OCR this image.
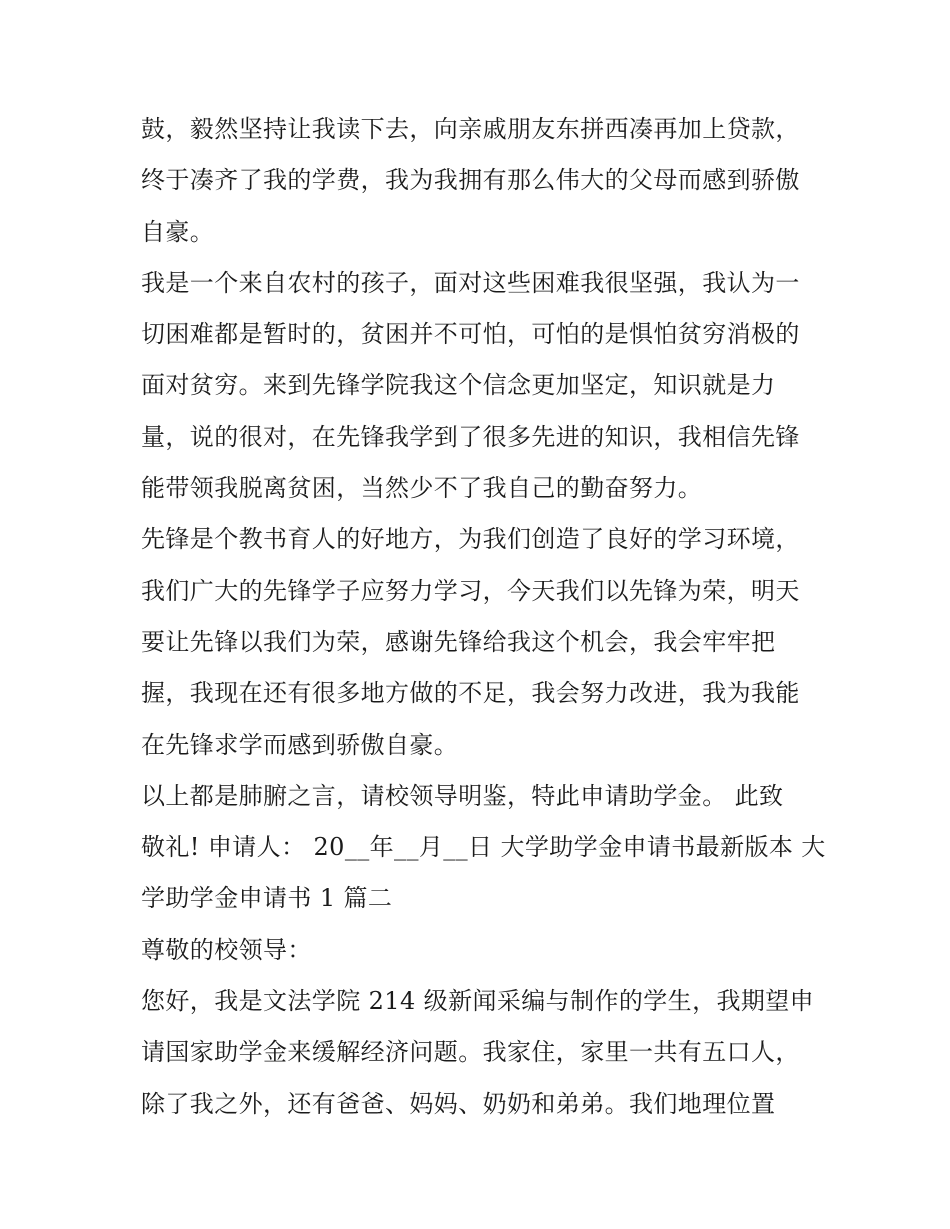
鼓，毅然坚持让我读下去，向亲戚朋友东拼西凑再加上贷款，
终于凑齐了我的学费，我为我拥有那么伟大的父母而感到骄傲
自豪。
我是一个来自农村的孩子，面对这些困难我很坚强，我认为一
切困难都是暂时的，贫困并不可怕，可怕的是惧怕贫穷消极的
面对贫穷。来到先锋学院我这个信念更加坚定，知识就是力
量，说的很对，在先锋我学到了很多先进的知识，我相信先锋
能带领我脱离贫困，当然少不了我自己的勤奋努力。
先锋是个教书育人的好地方，为我们创造了良好的学习环境，
我们广大的先锋学子应努力学习，今天我们以先锋为荣，明天
要让先锋以我们为荣，感谢先锋给我这个机会，我会牢牢把
握，我现在还有很多地方做的不足，我会努力改进，我为我能
在先锋求学而感到骄傲自豪。
以上都是肺腑之言，请校领导明鉴，特此申请助学金。 此致
敬礼! 申请人： 20__年__月__日 大学助学金申请书最新版本 大
学助学金申请书 1 篇二
尊敬的校领导：
您好，我是文法学院 214 级新闻采编与制作的学生，我期望申
请国家助学金来缓解经济问题。我家住，家里一共有五口人，
除了我之外，还有爸爸、妈妈、奶奶和弟弟。我们地理位置
